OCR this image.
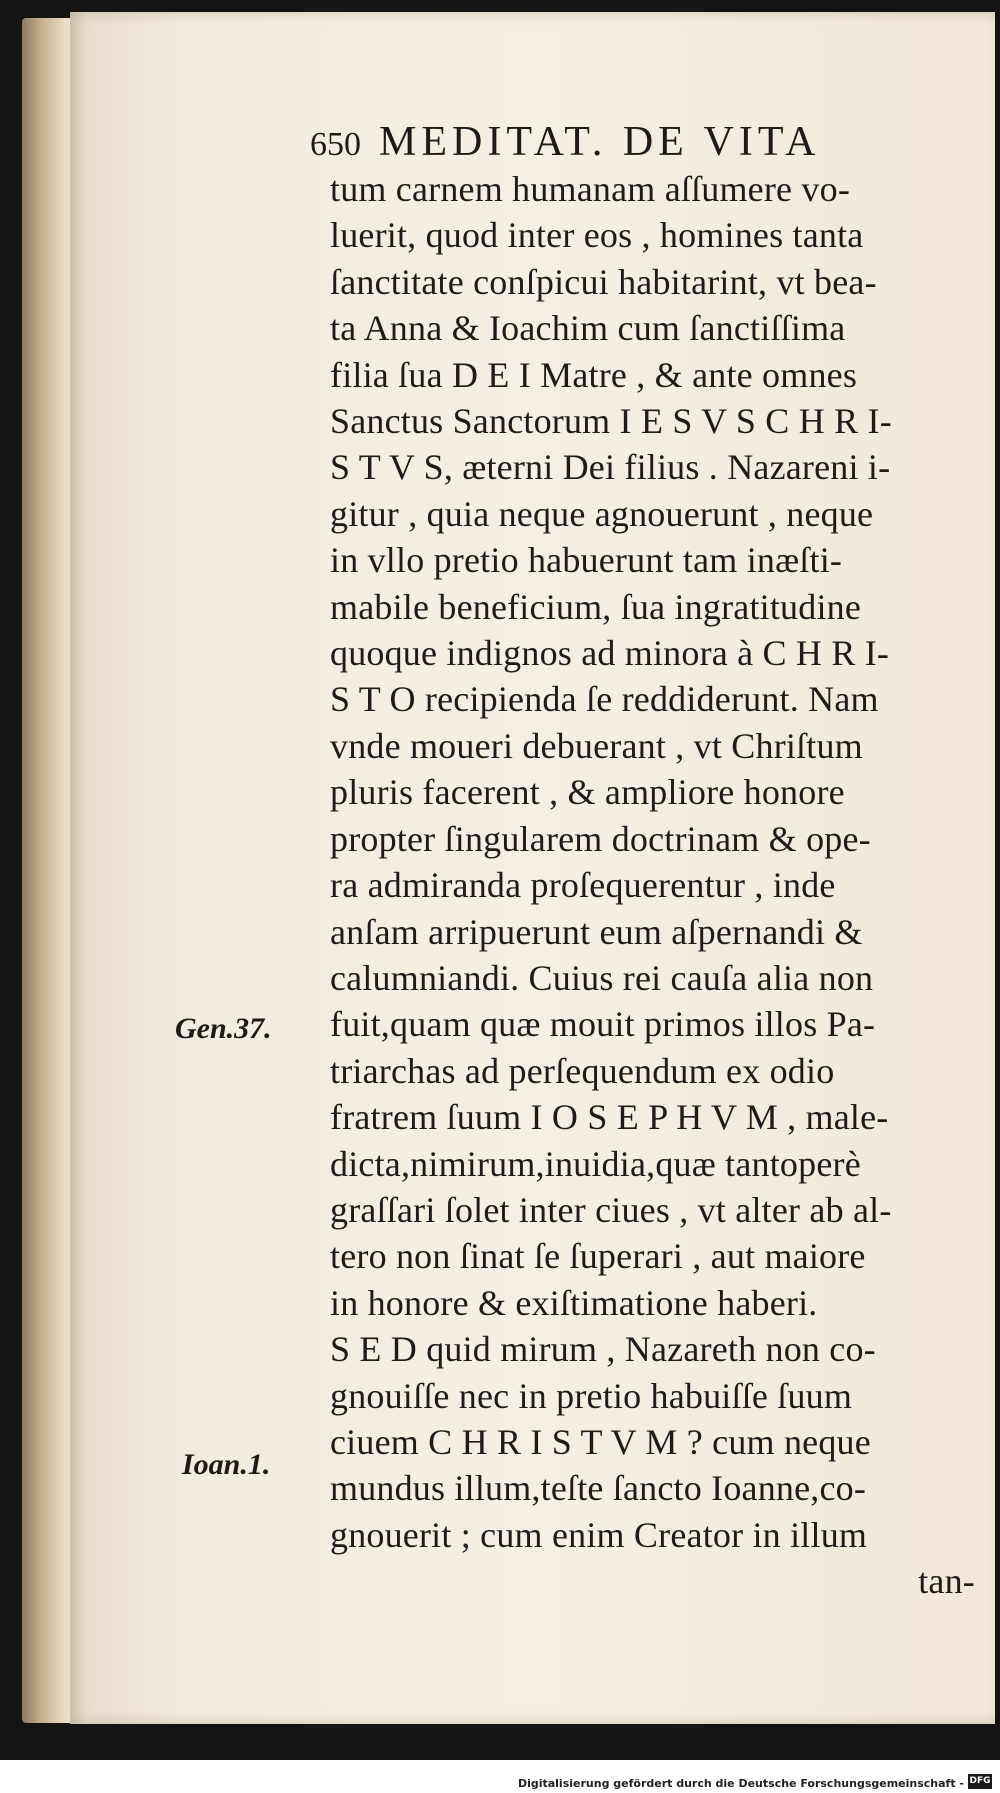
650 MEDITAT. DE VITA
tum carnem humanam aſſumere vo-
luerit, quod inter eos , homines tanta
ſanctitate conſpicui habitarint, vt bea-
ta Anna & Ioachim cum ſanctiſſima
filia ſua D E I Matre , & ante omnes
Sanctus Sanctorum I E S V S C H R I-
S T V S, æterni Dei filius . Nazareni i-
gitur , quia neque agnouerunt , neque
in vllo pretio habuerunt tam inæſti-
mabile beneficium, ſua ingratitudine
quoque indignos ad minora à C H R I-
S T O recipienda ſe reddiderunt. Nam
vnde moueri debuerant , vt Chriſtum
pluris facerent , & ampliore honore
propter ſingularem doctrinam & ope-
ra admiranda proſequerentur , inde
anſam arripuerunt eum aſpernandi &
calumniandi. Cuius rei cauſa alia non
fuit,quam quæ mouit primos illos Pa-
triarchas ad perſequendum ex odio
fratrem ſuum I O S E P H V M , male-
dicta,nimirum,inuidia,quæ tantoperè
graſſari ſolet inter ciues , vt alter ab al-
tero non ſinat ſe ſuperari , aut maiore
in honore & exiſtimatione haberi.
S E D quid mirum , Nazareth non co-
gnouiſſe nec in pretio habuiſſe ſuum
ciuem C H R I S T V M ? cum neque
mundus illum,teſte ſancto Ioanne,co-
gnouerit ; cum enim Creator in illum
tan-
Gen.37.
Ioan.1.
Digitalisierung gefördert durch die Deutsche Forschungsgemeinschaft - DFG
